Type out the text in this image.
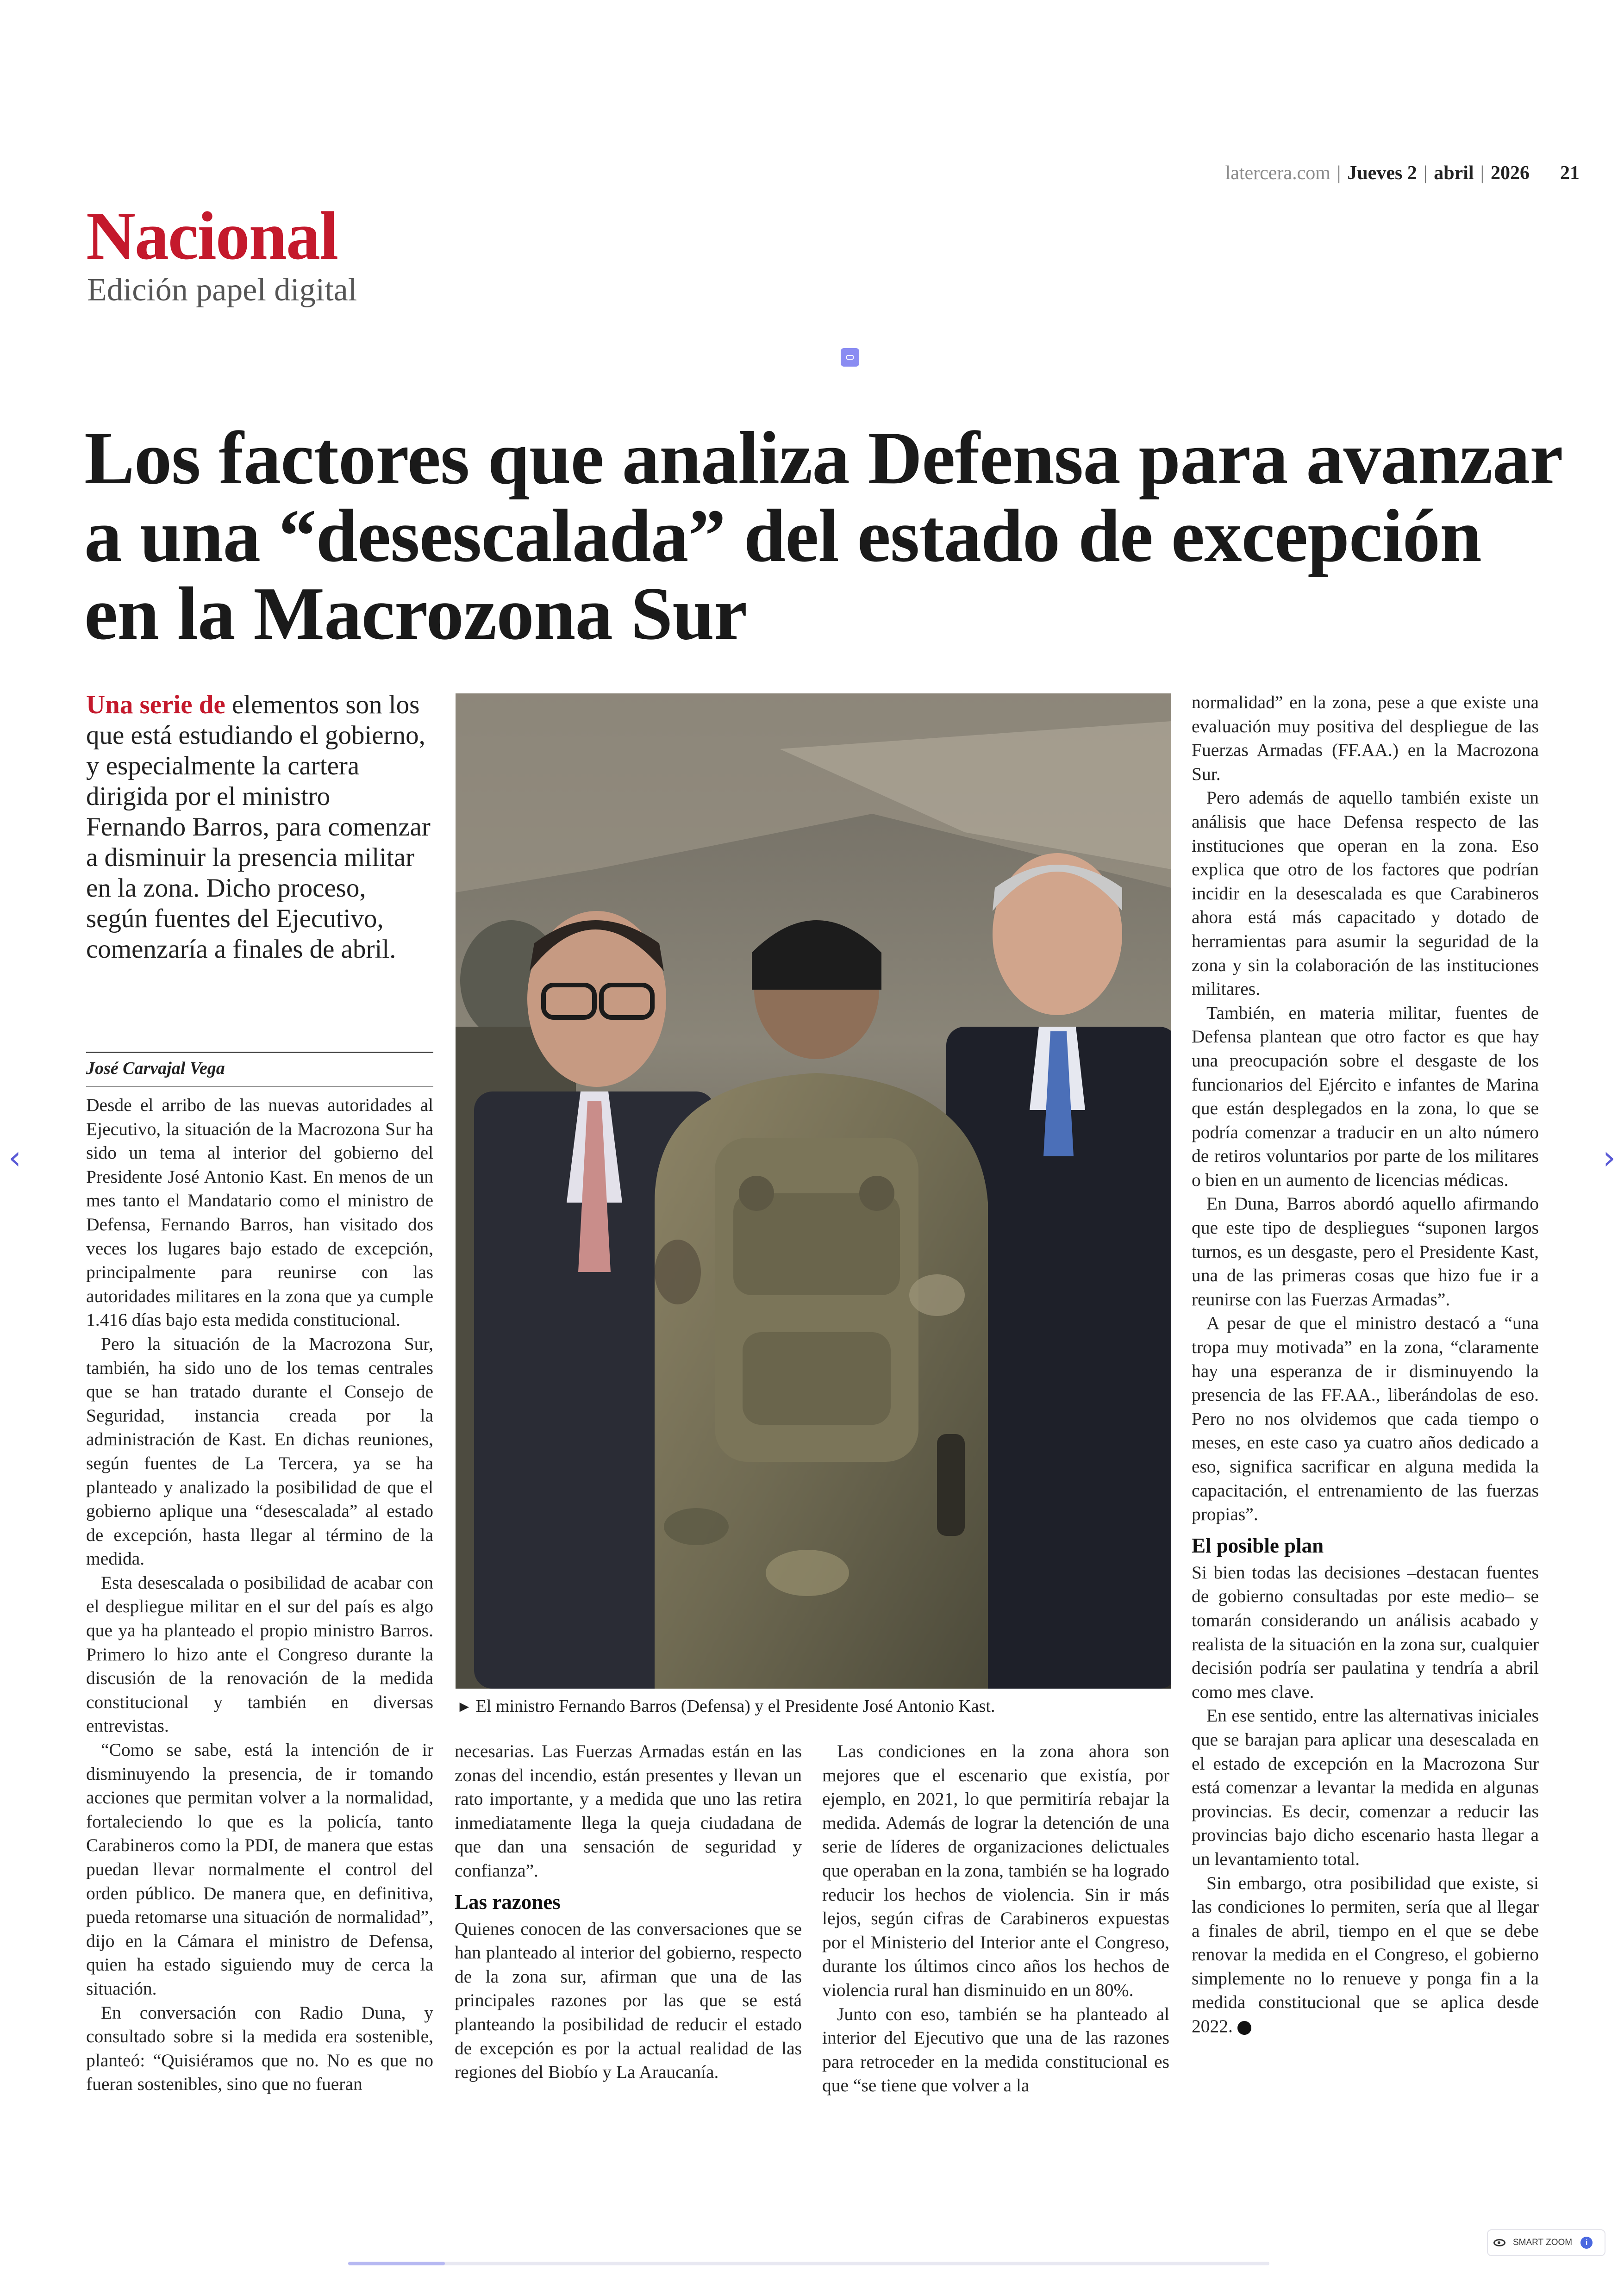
latercera.com | Jueves 2 | abril | 2026 21
Nacional
Edición papel digital
Los factores que analiza Defensa para avanzar a una “desescalada” del estado de excepción en la Macrozona Sur

Una serie de elementos son los que está estudiando el gobierno, y especialmente la cartera dirigida por el ministro Fernando Barros, para comenzar a disminuir la presencia militar en la zona. Dicho proceso, según fuentes del Ejecutivo, comenzaría a finales de abril.

José Carvajal Vega

Desde el arribo de las nuevas autoridades al Ejecutivo, la situación de la Macrozona Sur ha sido un tema al interior del gobierno del Presidente José Antonio Kast. En menos de un mes tanto el Mandatario como el ministro de Defensa, Fernando Barros, han visitado dos veces los lugares bajo estado de excepción, principalmente para reunirse con las autoridades militares en la zona que ya cumple 1.416 días bajo esta medida constitucional.

Pero la situación de la Macrozona Sur, también, ha sido uno de los temas centrales que se han tratado durante el Consejo de Seguridad, instancia creada por la administración de Kast. En dichas reuniones, según fuentes de La Tercera, ya se ha planteado y analizado la posibilidad de que el gobierno aplique una “desescalada” al estado de excepción, hasta llegar al término de la medida.

Esta desescalada o posibilidad de acabar con el despliegue militar en el sur del país es algo que ya ha planteado el propio ministro Barros. Primero lo hizo ante el Congreso durante la discusión de la renovación de la medida constitucional y también en diversas entrevistas.

“Como se sabe, está la intención de ir disminuyendo la presencia, de ir tomando acciones que permitan volver a la normalidad, fortaleciendo lo que es la policía, tanto Carabineros como la PDI, de manera que estas puedan llevar normalmente el control del orden público. De manera que, en definitiva, pueda retomarse una situación de normalidad”, dijo en la Cámara el ministro de Defensa, quien ha estado siguiendo muy de cerca la situación.

En conversación con Radio Duna, y consultado sobre si la medida era sostenible, planteó: “Quisiéramos que no. No es que no fueran sostenibles, sino que no fueran

► El ministro Fernando Barros (Defensa) y el Presidente José Antonio Kast.

necesarias. Las Fuerzas Armadas están en las zonas del incendio, están presentes y llevan un rato importante, y a medida que uno las retira inmediatamente llega la queja ciudadana de que dan una sensación de seguridad y confianza”.

Las razones

Quienes conocen de las conversaciones que se han planteado al interior del gobierno, respecto de la zona sur, afirman que una de las principales razones por las que se está planteando la posibilidad de reducir el estado de excepción es por la actual realidad de las regiones del Biobío y La Araucanía.

Las condiciones en la zona ahora son mejores que el escenario que existía, por ejemplo, en 2021, lo que permitiría rebajar la medida. Además de lograr la detención de una serie de líderes de organizaciones delictuales que operaban en la zona, también se ha logrado reducir los hechos de violencia. Sin ir más lejos, según cifras de Carabineros expuestas por el Ministerio del Interior ante el Congreso, durante los últimos cinco años los hechos de violencia rural han disminuido en un 80%.

Junto con eso, también se ha planteado al interior del Ejecutivo que una de las razones para retroceder en la medida constitucional es que “se tiene que volver a la

normalidad” en la zona, pese a que existe una evaluación muy positiva del despliegue de las Fuerzas Armadas (FF.AA.) en la Macrozona Sur.

Pero además de aquello también existe un análisis que hace Defensa respecto de las instituciones que operan en la zona. Eso explica que otro de los factores que podrían incidir en la desescalada es que Carabineros ahora está más capacitado y dotado de herramientas para asumir la seguridad de la zona y sin la colaboración de las instituciones militares.

También, en materia militar, fuentes de Defensa plantean que otro factor es que hay una preocupación sobre el desgaste de los funcionarios del Ejército e infantes de Marina que están desplegados en la zona, lo que se podría comenzar a traducir en un alto número de retiros voluntarios por parte de los militares o bien en un aumento de licencias médicas.

En Duna, Barros abordó aquello afirmando que este tipo de despliegues “suponen largos turnos, es un desgaste, pero el Presidente Kast, una de las primeras cosas que hizo fue ir a reunirse con las Fuerzas Armadas”.

A pesar de que el ministro destacó a “una tropa muy motivada” en la zona, “claramente hay una esperanza de ir disminuyendo la presencia de las FF.AA., liberándolas de eso. Pero no nos olvidemos que cada tiempo o meses, en este caso ya cuatro años dedicado a eso, significa sacrificar en alguna medida la capacitación, el entrenamiento de las fuerzas propias”.

El posible plan

Si bien todas las decisiones –destacan fuentes de gobierno consultadas por este medio– se tomarán considerando un análisis acabado y realista de la situación en la zona sur, cualquier decisión podría ser paulatina y tendría a abril como mes clave.

En ese sentido, entre las alternativas iniciales que se barajan para aplicar una desescalada en el estado de excepción en la Macrozona Sur está comenzar a levantar la medida en algunas provincias. Es decir, comenzar a reducir las provincias bajo dicho escenario hasta llegar a un levantamiento total.

Sin embargo, otra posibilidad que existe, si las condiciones lo permiten, sería que al llegar a finales de abril, tiempo en el que se debe renovar la medida en el Congreso, el gobierno simplemente no lo renueve y ponga fin a la medida constitucional que se aplica desde 2022.

‹	›
SMART ZOOM	i
